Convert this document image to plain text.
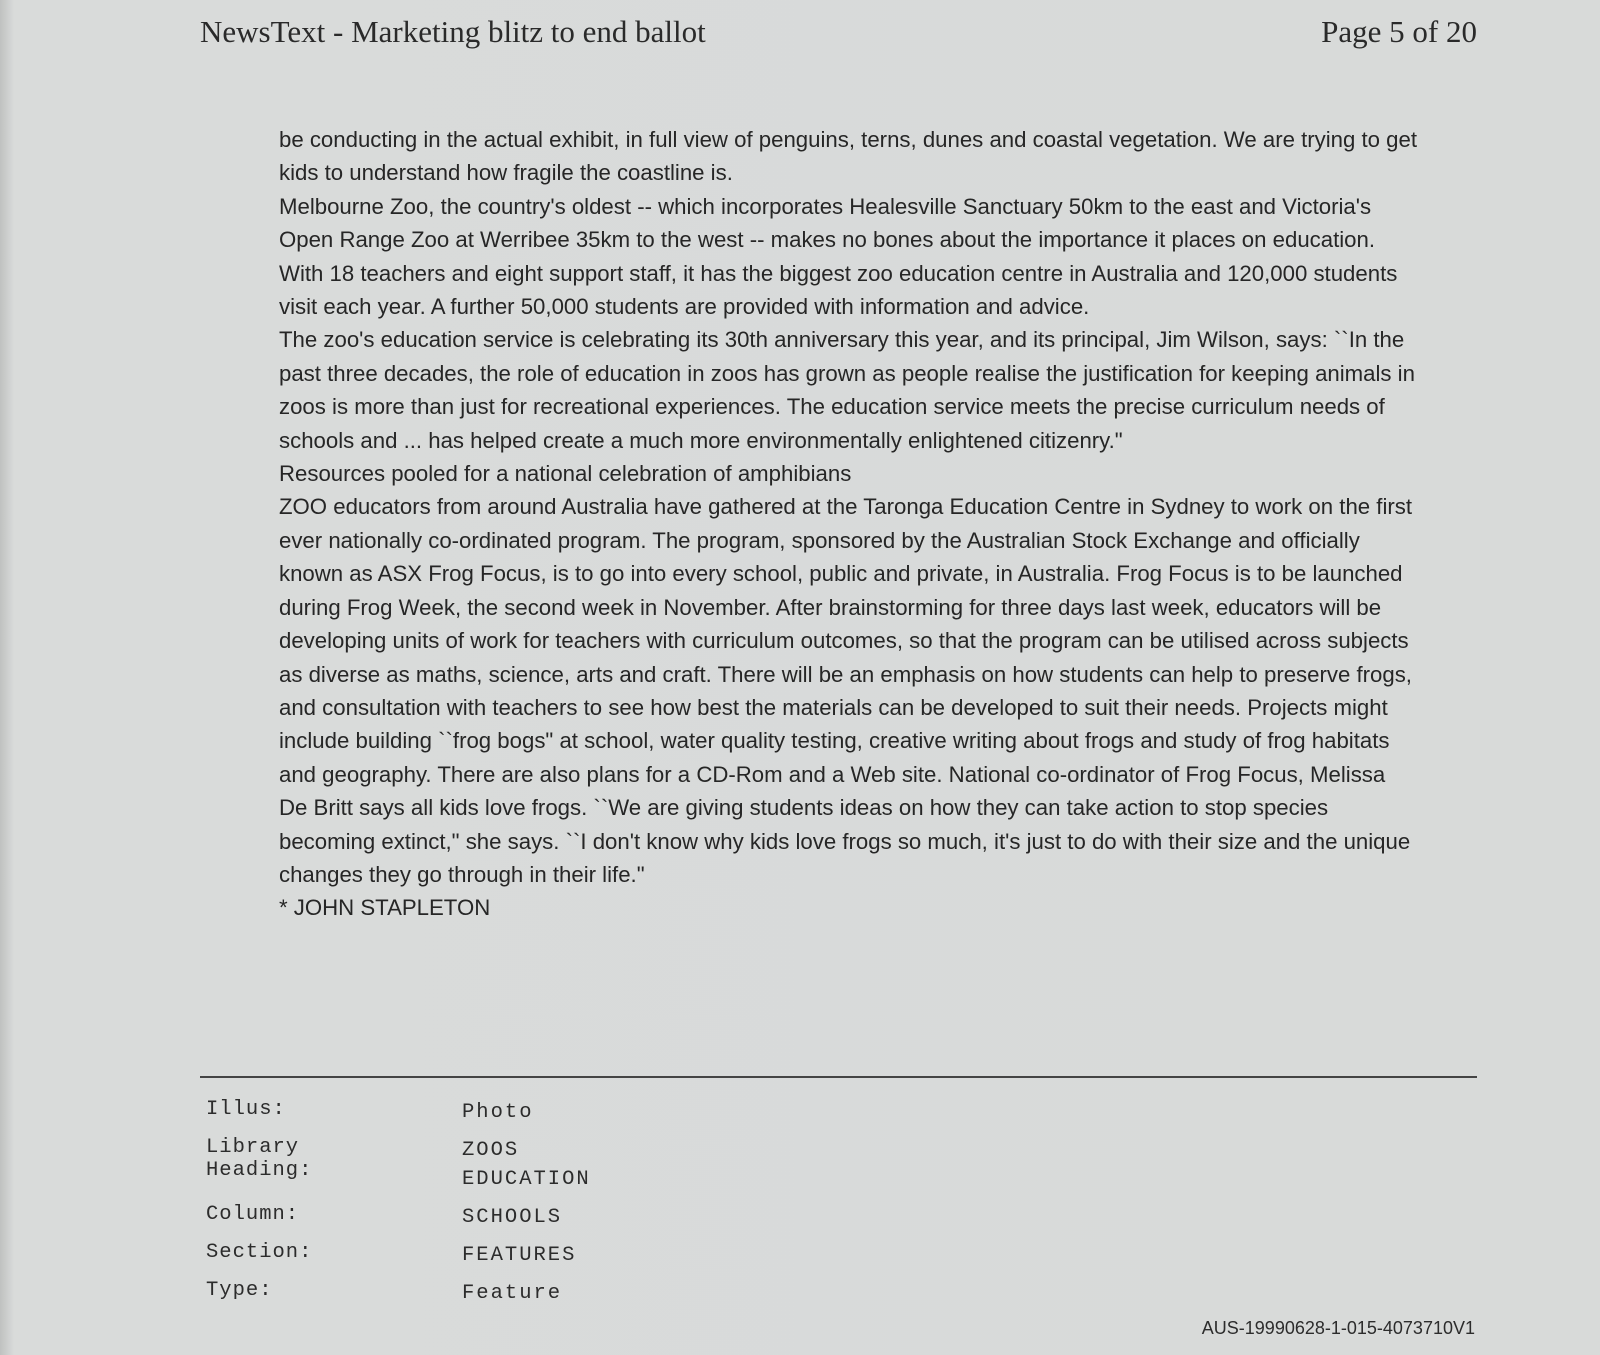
NewsText - Marketing blitz to end ballot	Page 5 of 20

be conducting in the actual exhibit, in full view of penguins, terns, dunes and coastal vegetation. We are trying to get kids to understand how fragile the coastline is.

Melbourne Zoo, the country's oldest -- which incorporates Healesville Sanctuary 50km to the east and Victoria's Open Range Zoo at Werribee 35km to the west -- makes no bones about the importance it places on education. With 18 teachers and eight support staff, it has the biggest zoo education centre in Australia and 120,000 students visit each year. A further 50,000 students are provided with information and advice.

The zoo's education service is celebrating its 30th anniversary this year, and its principal, Jim Wilson, says: ``In the past three decades, the role of education in zoos has grown as people realise the justification for keeping animals in zoos is more than just for recreational experiences. The education service meets the precise curriculum needs of schools and ... has helped create a much more environmentally enlightened citizenry."

Resources pooled for a national celebration of amphibians

ZOO educators from around Australia have gathered at the Taronga Education Centre in Sydney to work on the first ever nationally co-ordinated program. The program, sponsored by the Australian Stock Exchange and officially known as ASX Frog Focus, is to go into every school, public and private, in Australia. Frog Focus is to be launched during Frog Week, the second week in November. After brainstorming for three days last week, educators will be developing units of work for teachers with curriculum outcomes, so that the program can be utilised across subjects as diverse as maths, science, arts and craft. There will be an emphasis on how students can help to preserve frogs, and consultation with teachers to see how best the materials can be developed to suit their needs. Projects might include building ``frog bogs" at school, water quality testing, creative writing about frogs and study of frog habitats and geography. There are also plans for a CD-Rom and a Web site. National co-ordinator of Frog Focus, Melissa De Britt says all kids love frogs. ``We are giving students ideas on how they can take action to stop species becoming extinct," she says. ``I don't know why kids love frogs so much, it's just to do with their size and the unique changes they go through in their life."

* JOHN STAPLETON

Illus:	Photo
Library Heading:
ZOOS
EDUCATION
Column:	SCHOOLS
Section:	FEATURES
Type:	Feature
AUS-19990628-1-015-4073710V1
